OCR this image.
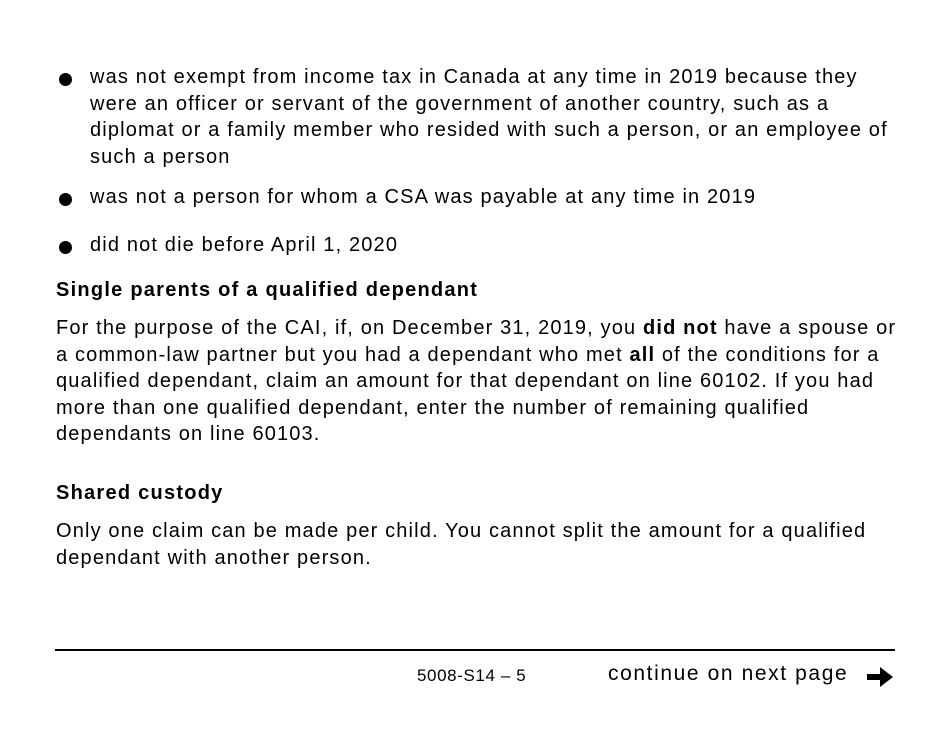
was not exempt from income tax in Canada at any time in 2019 because they were an officer or servant of the government of another country, such as a diplomat or a family member who resided with such a person, or an employee of such a person
was not a person for whom a CSA was payable at any time in 2019
did not die before April 1, 2020
Single parents of a qualified dependant

For the purpose of the CAI, if, on December 31, 2019, you did not have a spouse or a common-law partner but you had a dependant who met all of the conditions for a qualified dependant, claim an amount for that dependant on line 60102. If you had more than one qualified dependant, enter the number of remaining qualified dependants on line 60103.

Shared custody

Only one claim can be made per child. You cannot split the amount for a qualified dependant with another person.

5008-S14 – 5	continue on next page
